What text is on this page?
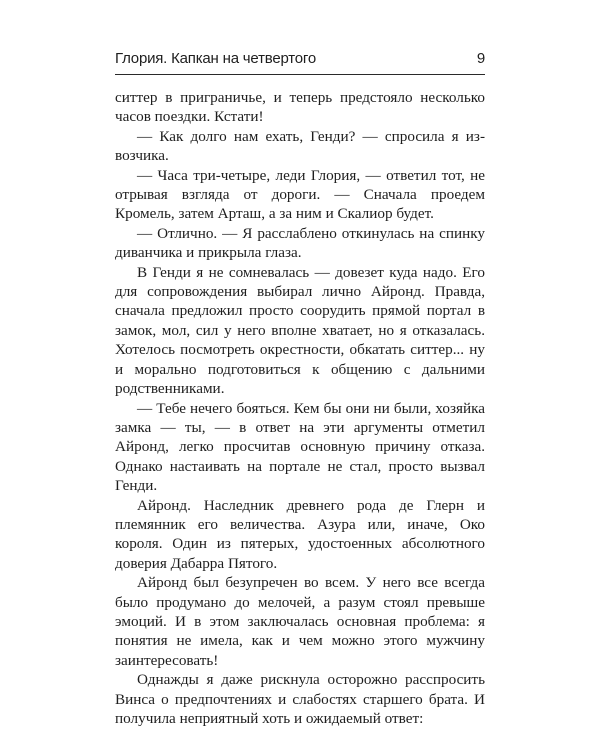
Глория. Капкан на четвертого	9

ситтер в приграничье, и теперь предстояло несколько часов поездки. Кстати!

— Как долго нам ехать, Генди? — спросила я извозчика.

— Часа три-четыре, леди Глория, — ответил тот, не отрывая взгляда от дороги. — Сначала проедем Кромель, затем Арташ, а за ним и Скалиор будет.

— Отлично. — Я расслаблено откинулась на спинку диванчика и прикрыла глаза.

В Генди я не сомневалась — довезет куда надо. Его для сопровождения выбирал лично Айронд. Правда, сначала предложил просто соорудить прямой портал в замок, мол, сил у него вполне хватает, но я отказалась. Хотелось посмотреть окрестности, обкатать ситтер... ну и морально подготовиться к общению с дальними родственниками.

— Тебе нечего бояться. Кем бы они ни были, хозяйка замка — ты, — в ответ на эти аргументы отметил Айронд, легко просчитав основную причину отказа. Однако настаивать на портале не стал, просто вызвал Генди.

Айронд. Наследник древнего рода де Глерн и племянник его величества. Азура или, иначе, Око короля. Один из пятерых, удостоенных абсолютного доверия Дабарра Пятого.

Айронд был безупречен во всем. У него все всегда было продумано до мелочей, а разум стоял превыше эмоций. И в этом заключалась основная проблема: я понятия не имела, как и чем можно этого мужчину заинтересовать!

Однажды я даже рискнула осторожно расспросить Винса о предпочтениях и слабостях старшего брата. И получила неприятный хоть и ожидаемый ответ:
